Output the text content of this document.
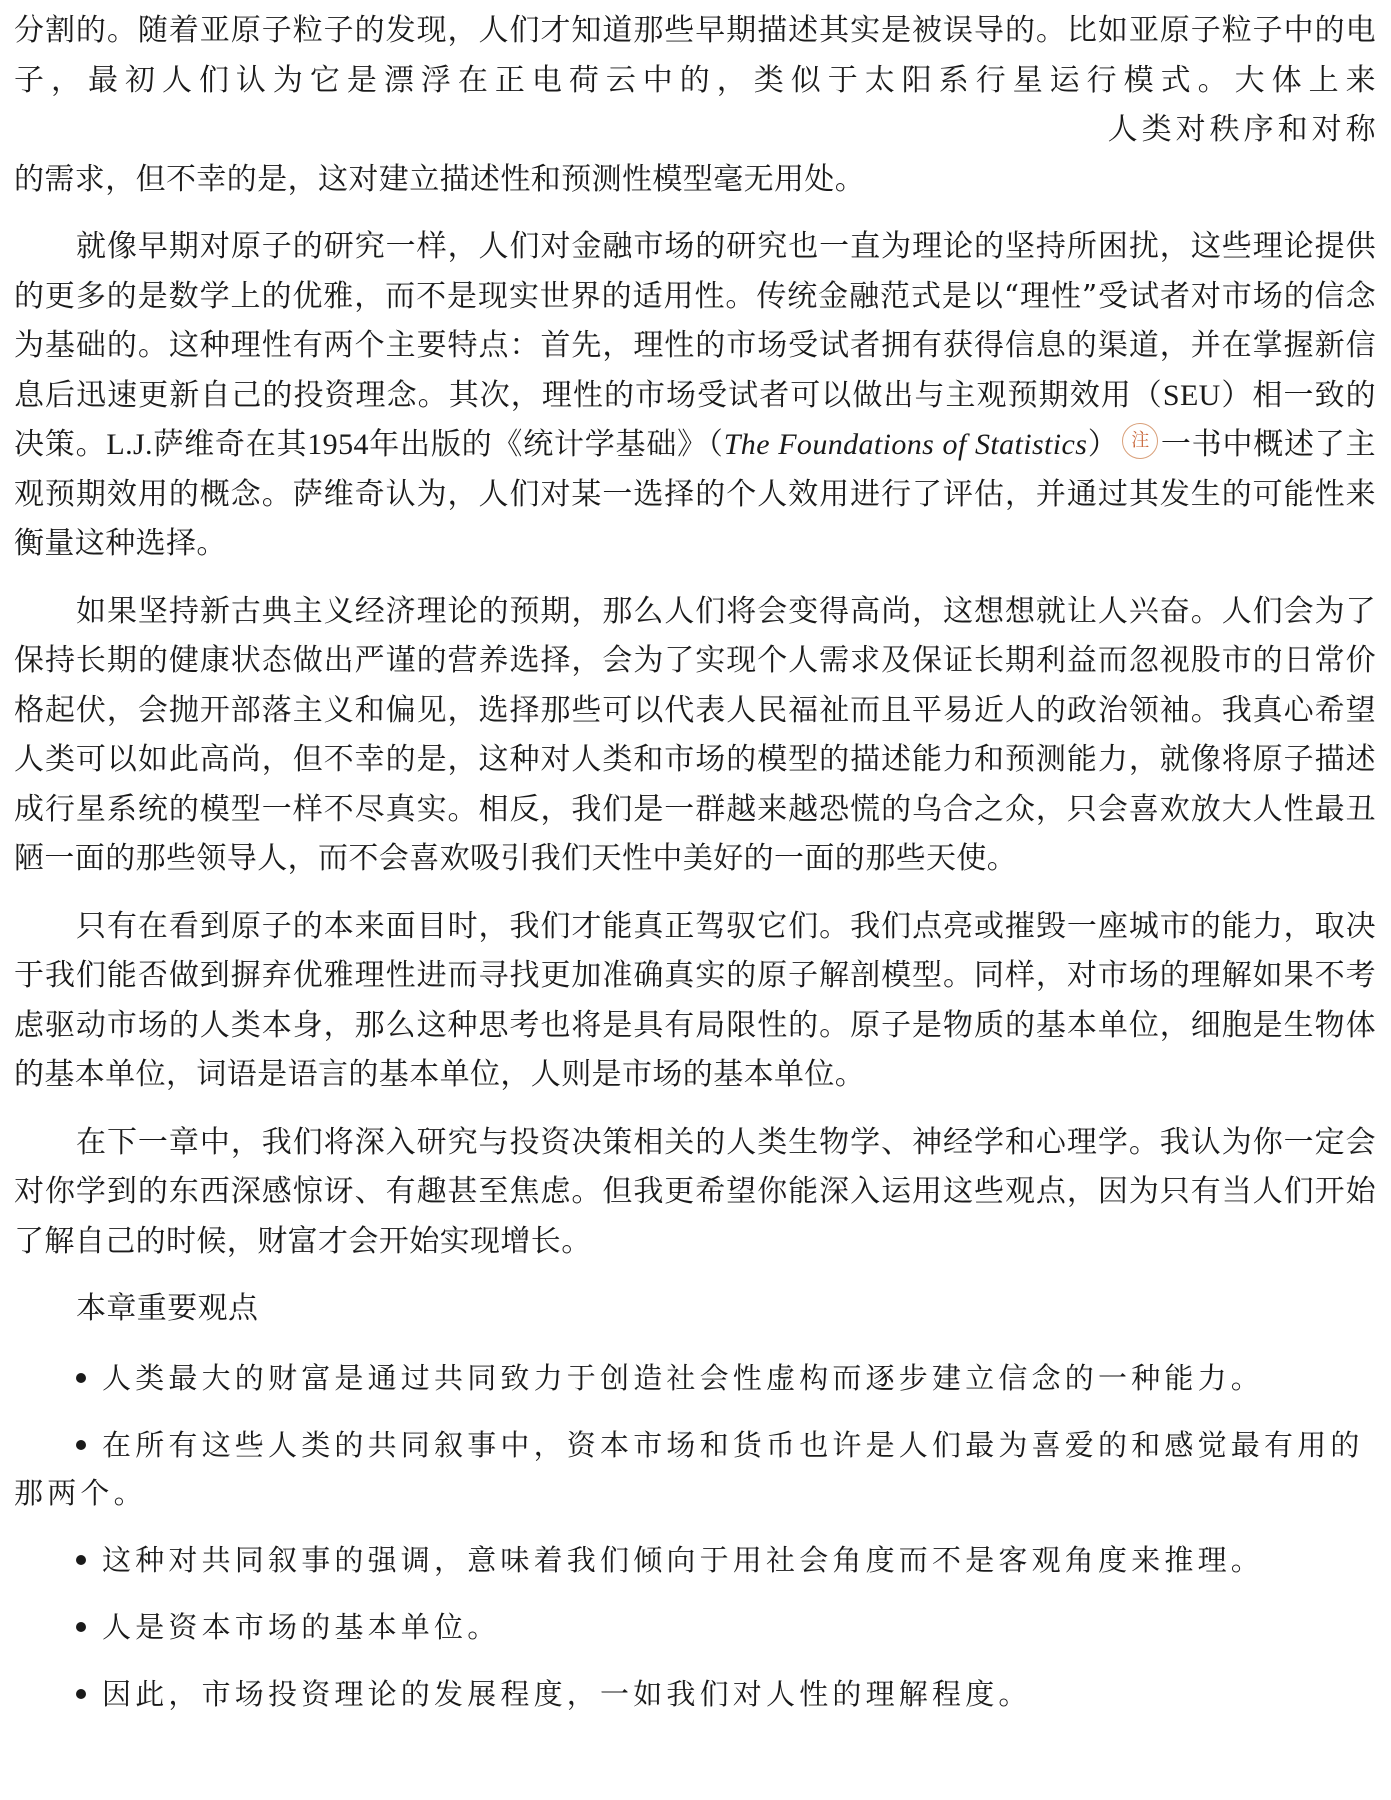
分割的。随着亚原子粒子的发现，人们才知道那些早期描述其实是被误导的。比如亚原子粒子中的电子，最初人们认为它是漂浮在正电荷云中的，类似于太阳系行星运行模式。大体上来人类对秩序和对称的需求，但不幸的是，这对建立描述性和预测性模型毫无用处。

就像早期对原子的研究一样，人们对金融市场的研究也一直为理论的坚持所困扰，这些理论提供的更多的是数学上的优雅，而不是现实世界的适用性。传统金融范式是以“理性”受试者对市场的信念为基础的。这种理性有两个主要特点：首先，理性的市场受试者拥有获得信息的渠道，并在掌握新信息后迅速更新自己的投资理念。其次，理性的市场受试者可以做出与主观预期效用（SEU）相一致的决策。L.J.萨维奇在其1954年出版的《统计学基础》（The Foundations of Statistics） 注 一书中概述了主观预期效用的概念。萨维奇认为，人们对某一选择的个人效用进行了评估，并通过其发生的可能性来衡量这种选择。

如果坚持新古典主义经济理论的预期，那么人们将会变得高尚，这想想就让人兴奋。人们会为了保持长期的健康状态做出严谨的营养选择，会为了实现个人需求及保证长期利益而忽视股市的日常价格起伏，会抛开部落主义和偏见，选择那些可以代表人民福祉而且平易近人的政治领袖。我真心希望人类可以如此高尚，但不幸的是，这种对人类和市场的模型的描述能力和预测能力，就像将原子描述成行星系统的模型一样不尽真实。相反，我们是一群越来越恐慌的乌合之众，只会喜欢放大人性最丑陋一面的那些领导人，而不会喜欢吸引我们天性中美好的一面的那些天使。

只有在看到原子的本来面目时，我们才能真正驾驭它们。我们点亮或摧毁一座城市的能力，取决于我们能否做到摒弃优雅理性进而寻找更加准确真实的原子解剖模型。同样，对市场的理解如果不考虑驱动市场的人类本身，那么这种思考也将是具有局限性的。原子是物质的基本单位，细胞是生物体的基本单位，词语是语言的基本单位，人则是市场的基本单位。

在下一章中，我们将深入研究与投资决策相关的人类生物学、神经学和心理学。我认为你一定会对你学到的东西深感惊讶、有趣甚至焦虑。但我更希望你能深入运用这些观点，因为只有当人们开始了解自己的时候，财富才会开始实现增长。

本章重要观点
人类最大的财富是通过共同致力于创造社会性虚构而逐步建立信念的一种能力。
在所有这些人类的共同叙事中，资本市场和货币也许是人们最为喜爱的和感觉最有用的那两个。
这种对共同叙事的强调，意味着我们倾向于用社会角度而不是客观角度来推理。
人是资本市场的基本单位。
因此，市场投资理论的发展程度，一如我们对人性的理解程度。
